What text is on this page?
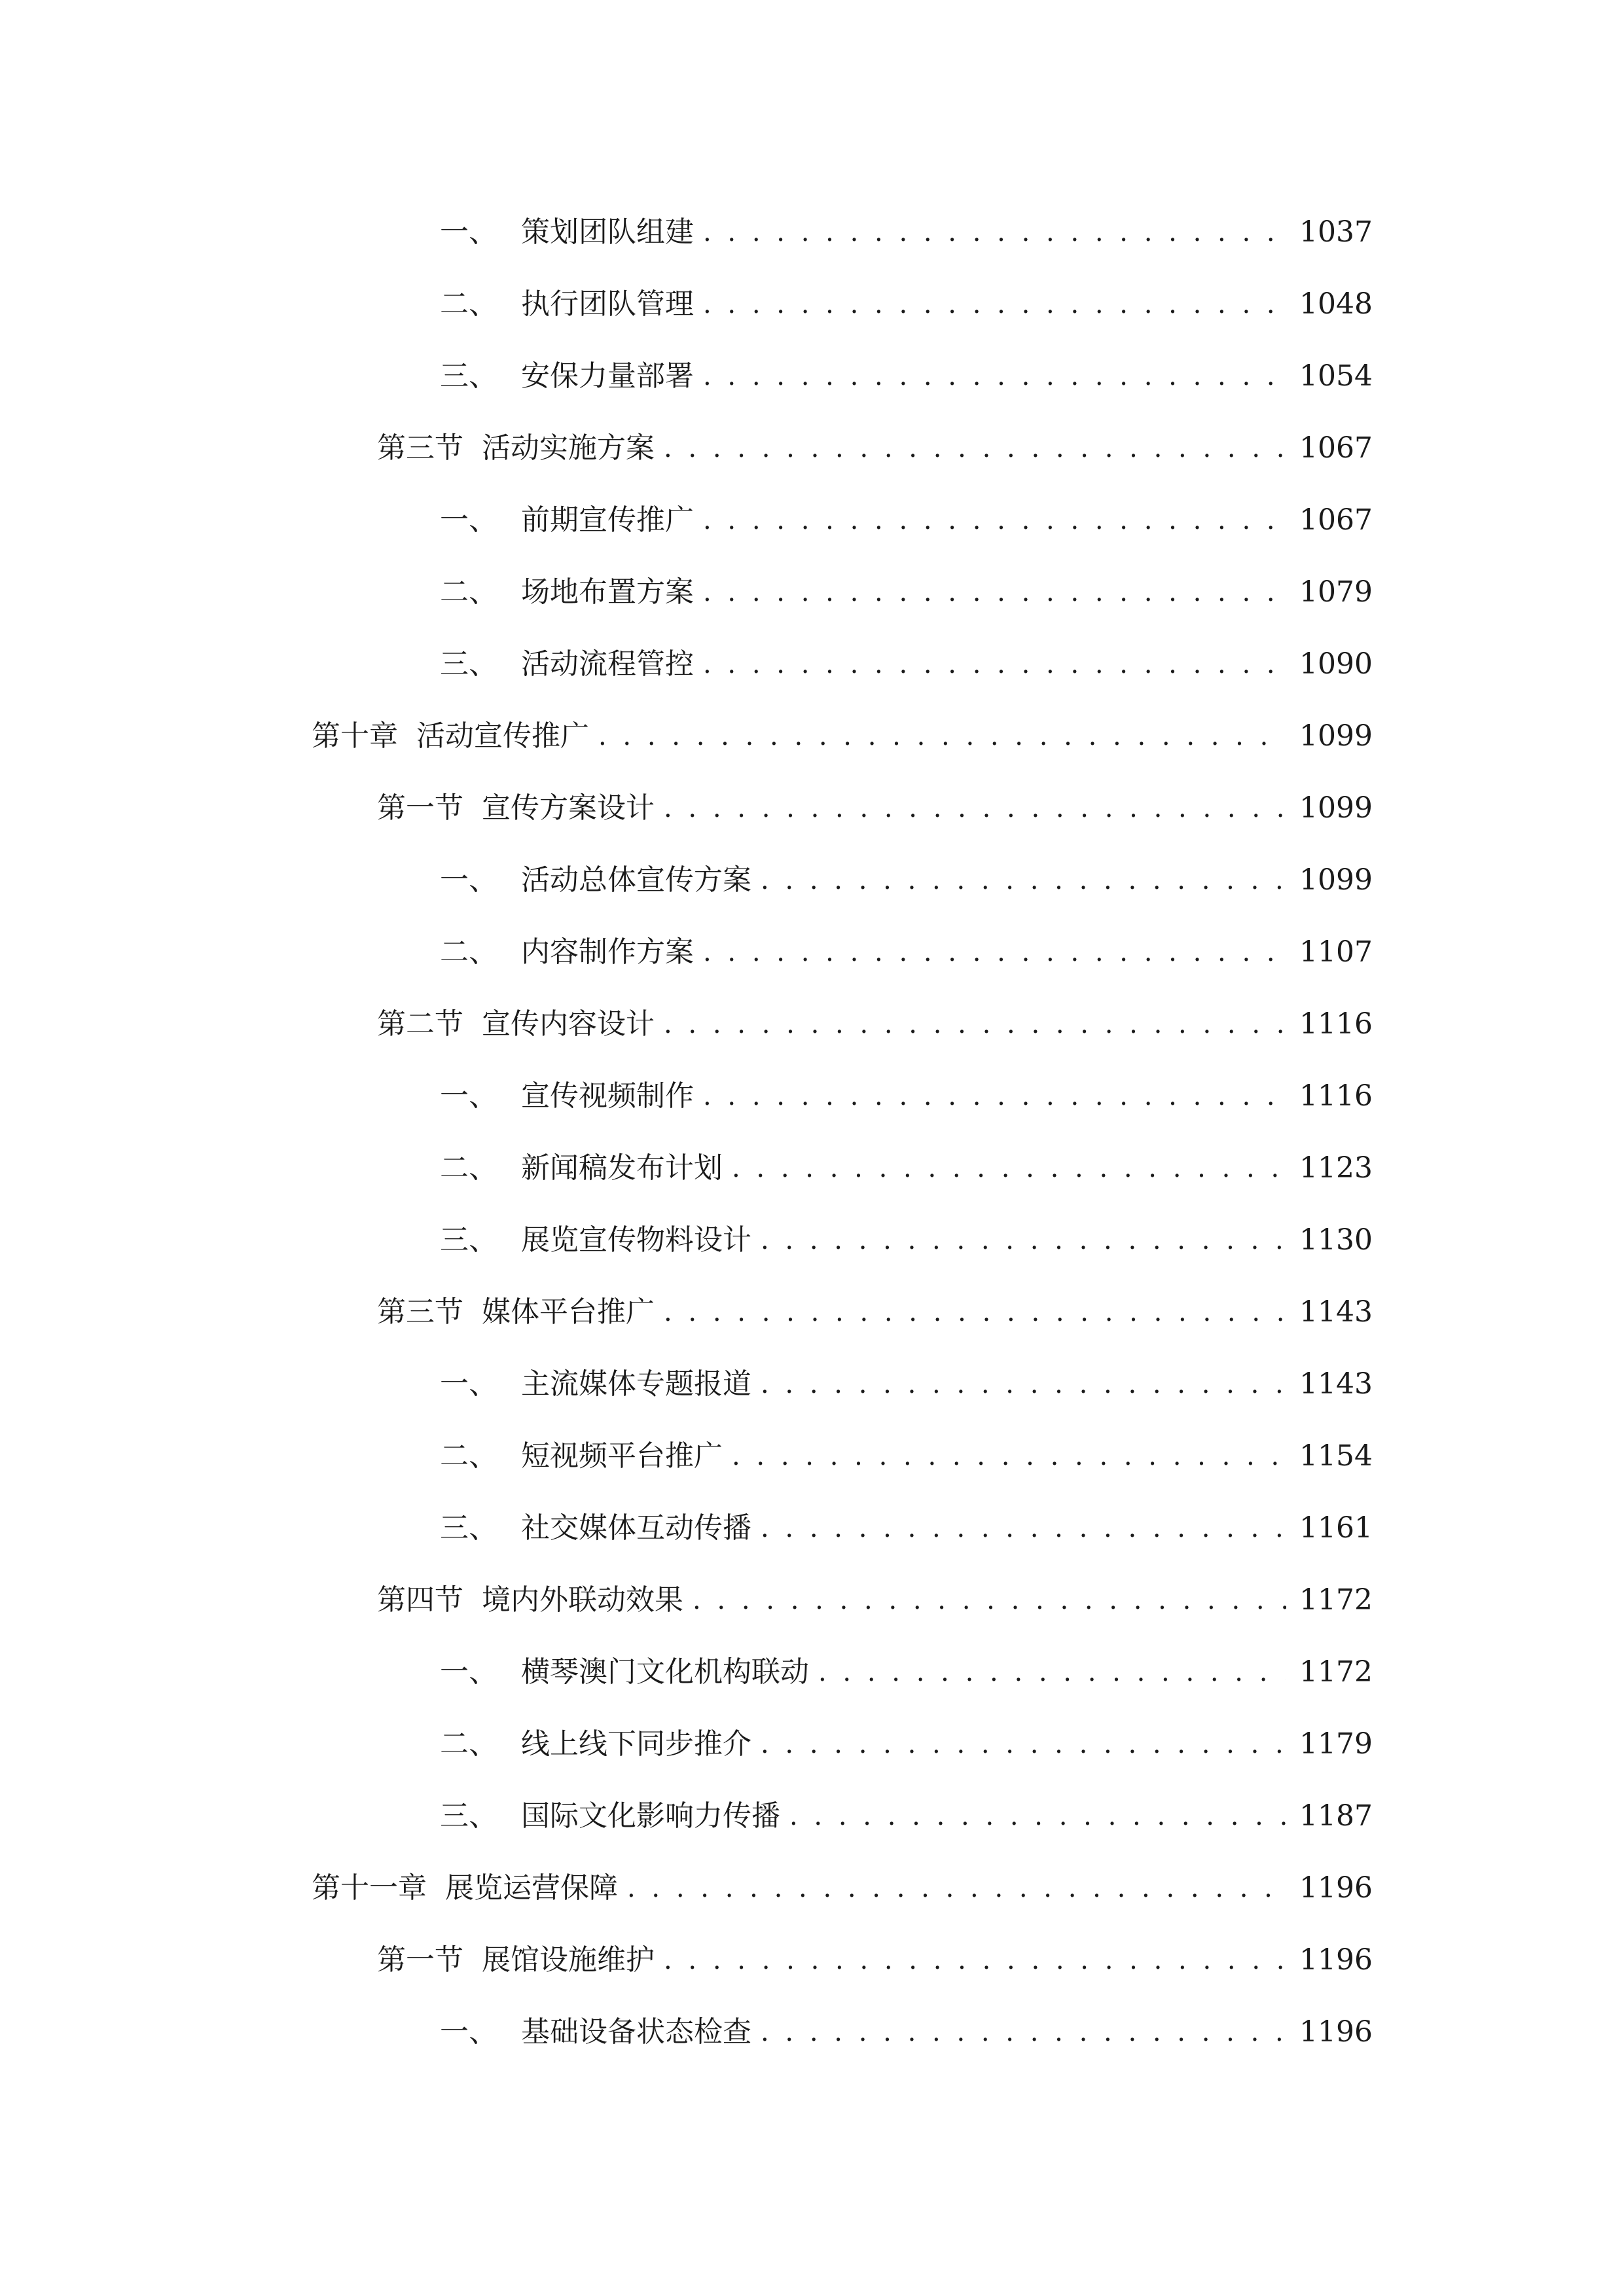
一、 策划团队组建 . . .	1037
二、 执行团队管理 . . .	1048
三、 安保力量部署 . . .	1054
第三节 活动实施方案 . . .	1067
一、 前期宣传推广 . . .	1067
二、 场地布置方案 . . .	1079
三、 活动流程管控 . . .	1090
第十章 活动宣传推广 . . .	1099
第一节 宣传方案设计 . . .	1099
一、 活动总体宣传方案 . . .	1099
二、 内容制作方案 . . .	1107
第二节 宣传内容设计 . . .	1116
一、 宣传视频制作 . . .	1116
二、 新闻稿发布计划 . . .	1123
三、 展览宣传物料设计 . . .	1130
第三节 媒体平台推广 . . .	1143
一、 主流媒体专题报道 . . .	1143
二、 短视频平台推广 . . .	1154
三、 社交媒体互动传播 . . .	1161
第四节 境内外联动效果 . . .	1172
一、 横琴澳门文化机构联动 . . .	1172
二、 线上线下同步推介 . . .	1179
三、 国际文化影响力传播 . . .	1187
第十一章 展览运营保障 . . .	1196
第一节 展馆设施维护 . . .	1196
一、 基础设备状态检查 . . .	1196
